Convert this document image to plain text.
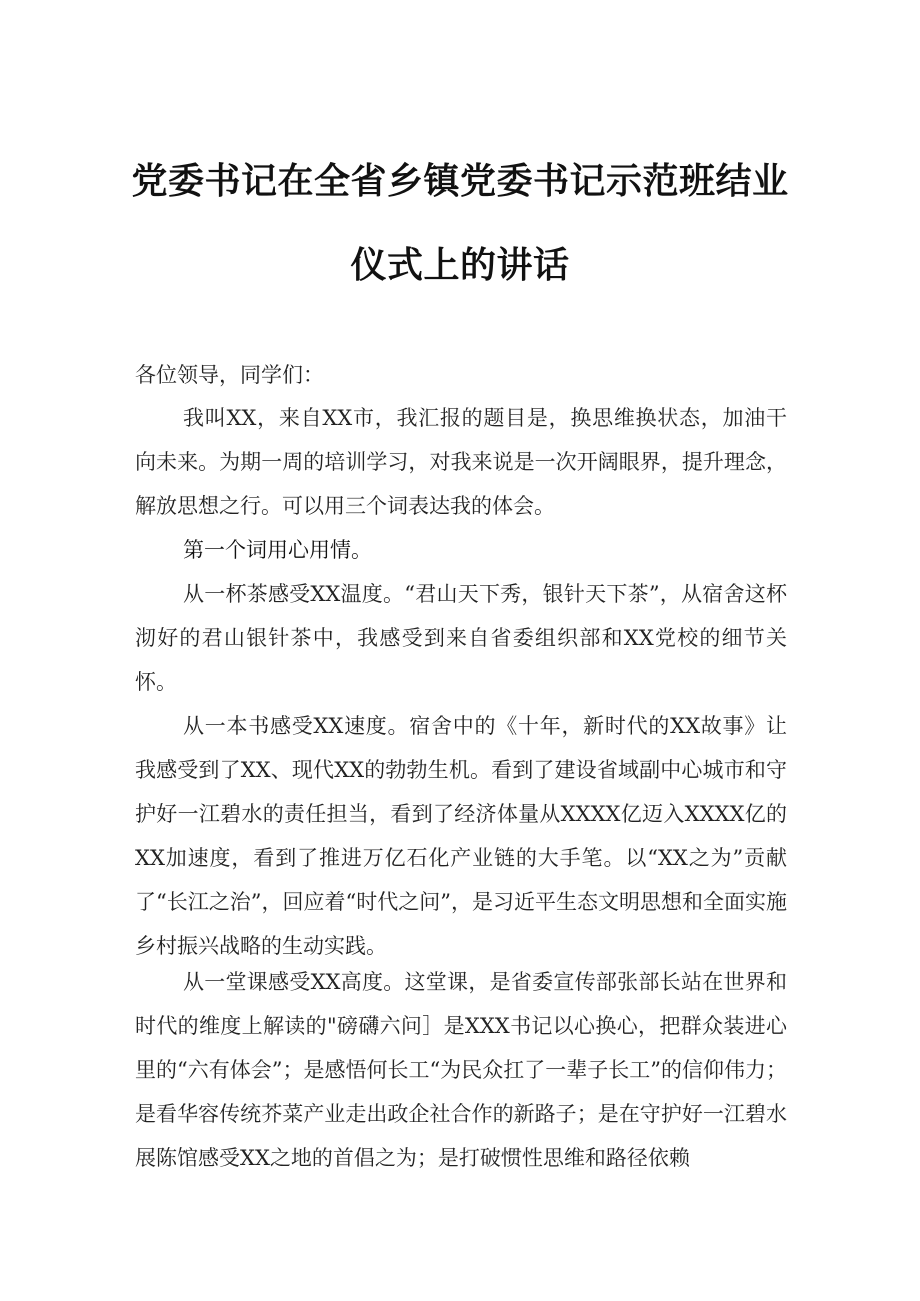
党委书记在全省乡镇党委书记示范班结业
仪式上的讲话

各位领导，同学们：

我叫XX，来自XX市，我汇报的题目是，换思维换状态，加油干向未来。为期一周的培训学习，对我来说是一次开阔眼界，提升理念，解放思想之行。可以用三个词表达我的体会。

第一个词用心用情。

从一杯茶感受XX温度。“君山天下秀，银针天下茶”，从宿舍这杯沏好的君山银针茶中，我感受到来自省委组织部和XX党校的细节关怀。

从一本书感受XX速度。宿舍中的《十年，新时代的XX故事》让我感受到了XX、现代XX的勃勃生机。看到了建设省域副中心城市和守护好一江碧水的责任担当，看到了经济体量从XXXX亿迈入XXXX亿的XX加速度，看到了推进万亿石化产业链的大手笔。以“XX之为”贡献了“长江之治”，回应着“时代之问”，是习近平生态文明思想和全面实施乡村振兴战略的生动实践。

从一堂课感受XX高度。这堂课，是省委宣传部张部长站在世界和时代的维度上解读的"磅礴六问］是XXX书记以心换心，把群众装进心里的“六有体会”；是感悟何长工“为民众扛了一辈子长工”的信仰伟力；是看华容传统芥菜产业走出政企社合作的新路子；是在守护好一江碧水展陈馆感受XX之地的首倡之为；是打破惯性思维和路径依赖
